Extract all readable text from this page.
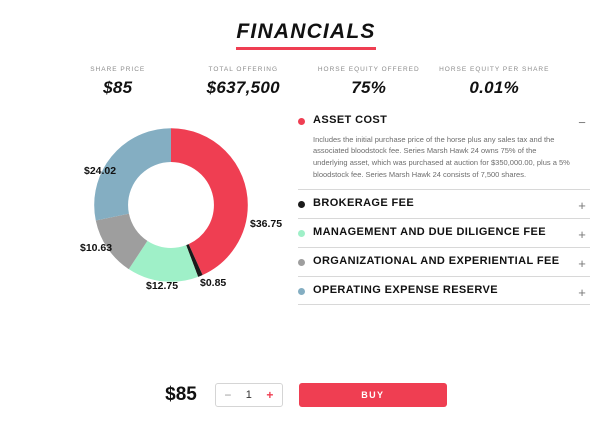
FINANCIALS
SHARE PRICE
$85
TOTAL OFFERING
$637,500
HORSE EQUITY OFFERED
75%
HORSE EQUITY PER SHARE
0.01%
$36.75
$0.85
$12.75
$10.63
$24.02
ASSET COST	−
Includes the initial purchase price of the horse plus any sales tax and the associated bloodstock fee. Series Marsh Hawk 24 owns 75% of the underlying asset, which was purchased at auction for $350,000.00, plus a 5% bloodstock fee. Series Marsh Hawk 24 consists of 7,500 shares.
BROKERAGE FEE	+
MANAGEMENT AND DUE DILIGENCE FEE	+
ORGANIZATIONAL AND EXPERIENTIAL FEE	+
OPERATING EXPENSE RESERVE	+
$85	−	1	+	BUY
